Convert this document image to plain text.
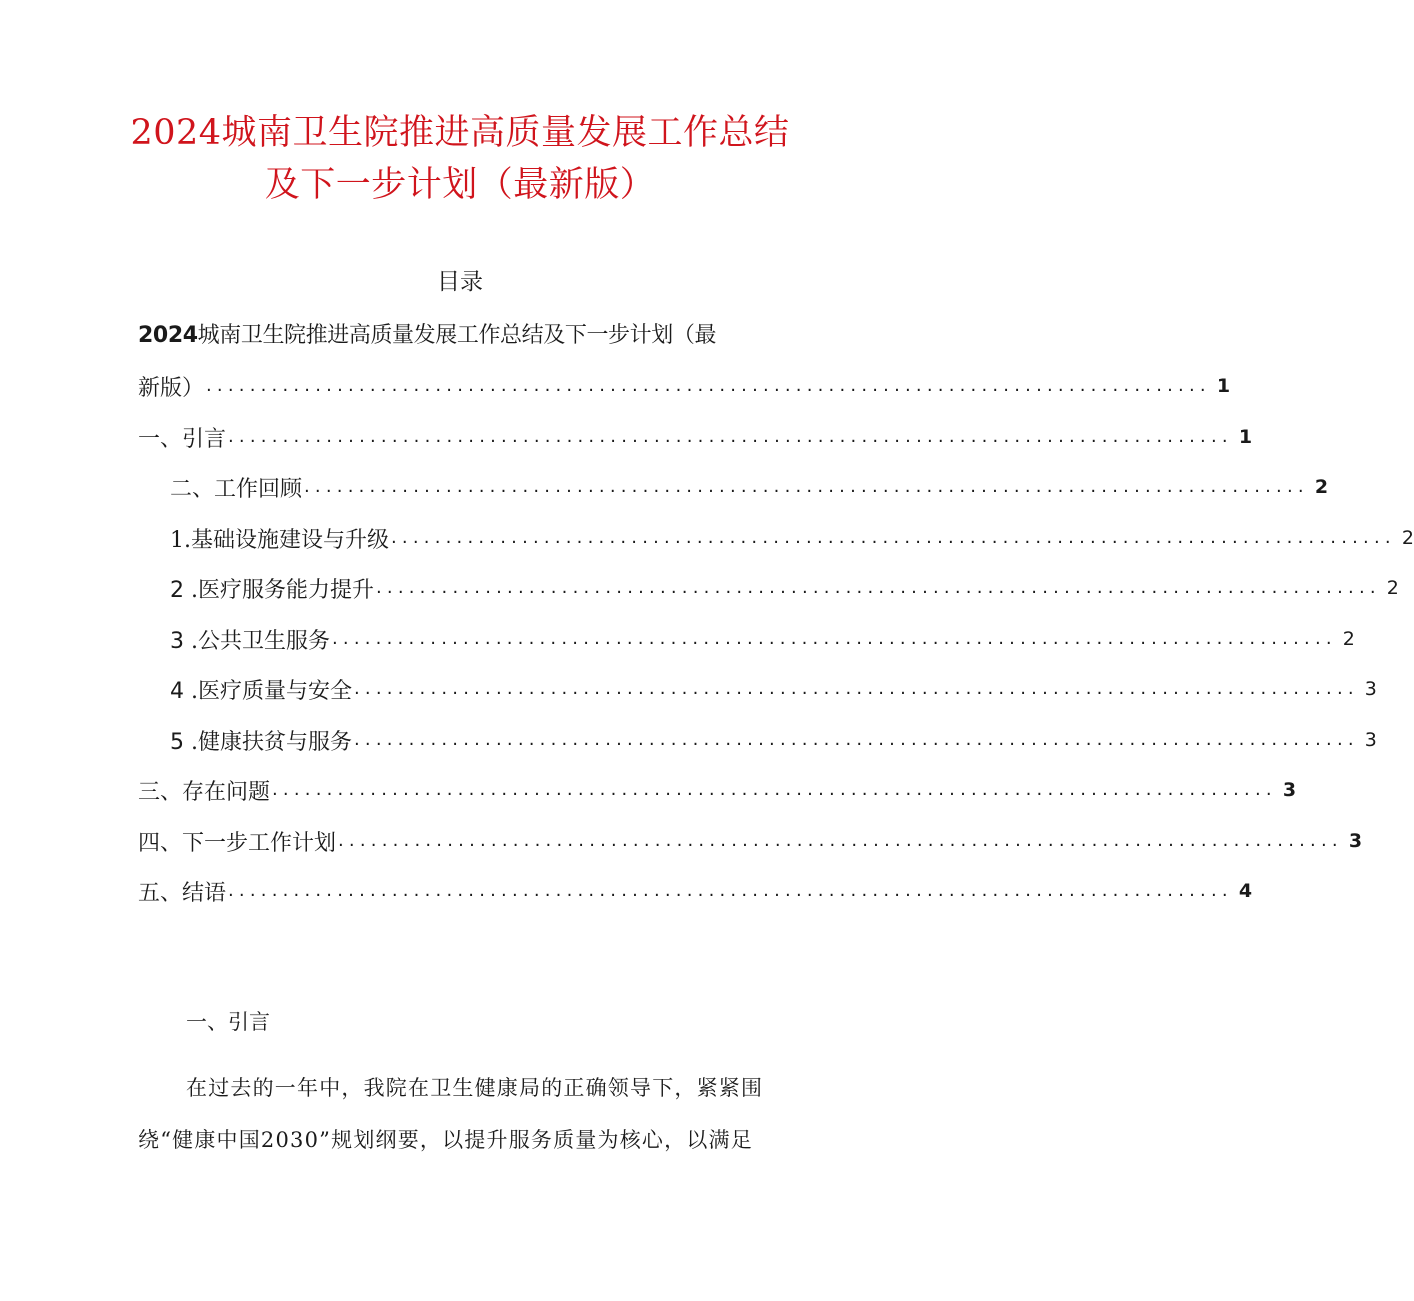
2024城南卫生院推进高质量发展工作总结
及下一步计划（最新版）
目录
2024城南卫生院推进高质量发展工作总结及下一步计划（最
新版） ............................................................................................ 1
一、引言 ............................................................................................ 1
二、工作回顾 ............................................................................................ 2
1.基础设施建设与升级 ............................................................................................ 2
2 .医疗服务能力提升 ............................................................................................ 2
3 .公共卫生服务 ............................................................................................ 2
4 .医疗质量与安全 ............................................................................................ 3
5 .健康扶贫与服务 ............................................................................................ 3
三、存在问题 ............................................................................................ 3
四、下一步工作计划 ............................................................................................ 3
五、结语 ............................................................................................ 4
一、引言
在过去的一年中，我院在卫生健康局的正确领导下，紧紧围
绕“健康中国2030”规划纲要，以提升服务质量为核心，以满足
